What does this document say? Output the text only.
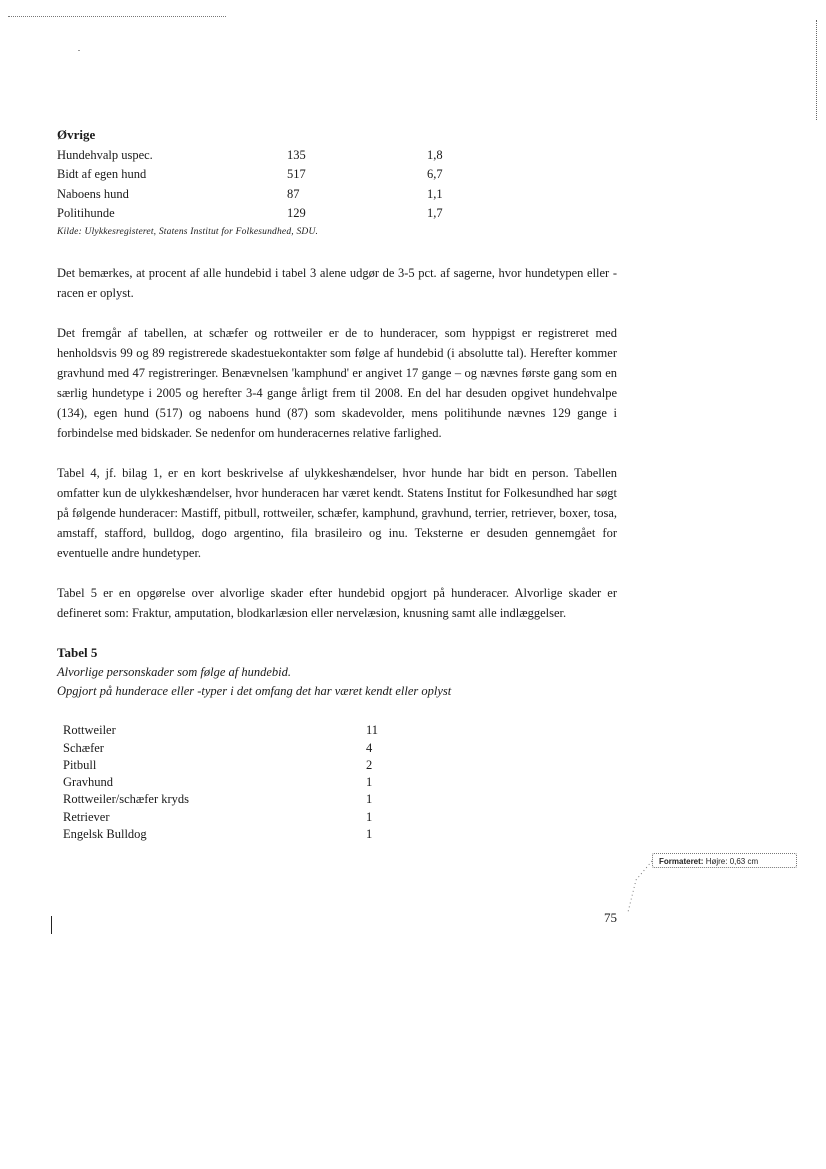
Øvrige
Hundehvalp uspec.	135	1,8
Bidt af egen hund	517	6,7
Naboens hund	87	1,1
Politihunde	129	1,7
Kilde: Ulykkesregisteret, Statens Institut for Folkesundhed, SDU.

Det bemærkes, at procent af alle hundebid i tabel 3 alene udgør de 3-5 pct. af sagerne, hvor hundetypen eller -racen er oplyst.

Det fremgår af tabellen, at schæfer og rottweiler er de to hunderacer, som hyppigst er registreret med henholdsvis 99 og 89 registrerede skadestuekontakter som følge af hundebid (i absolutte tal). Herefter kommer gravhund med 47 registreringer. Benævnelsen 'kamphund' er angivet 17 gange – og nævnes første gang som en særlig hundetype i 2005 og herefter 3-4 gange årligt frem til 2008. En del har desuden opgivet hundehvalpe (134), egen hund (517) og naboens hund (87) som skadevolder, mens politihunde nævnes 129 gange i forbindelse med bidskader. Se nedenfor om hunderacernes relative farlighed.

Tabel 4, jf. bilag 1, er en kort beskrivelse af ulykkeshændelser, hvor hunde har bidt en person. Tabellen omfatter kun de ulykkeshændelser, hvor hunderacen har været kendt. Statens Institut for Folkesundhed har søgt på følgende hunderacer: Mastiff, pitbull, rottweiler, schæfer, kamphund, gravhund, terrier, retriever, boxer, tosa, amstaff, stafford, bulldog, dogo argentino, fila brasileiro og inu. Teksterne er desuden gennemgået for eventuelle andre hundetyper.

Tabel 5 er en opgørelse over alvorlige skader efter hundebid opgjort på hunderacer. Alvorlige skader er defineret som: Fraktur, amputation, blodkarlæsion eller nervelæsion, knusning samt alle indlæggelser.

Tabel 5
Alvorlige personskader som følge af hundebid.
Opgjort på hunderace eller -typer i det omfang det har været kendt eller oplyst
Rottweiler	11
Schæfer	4
Pitbull	2
Gravhund	1
Rottweiler/schæfer kryds	1
Retriever	1
Engelsk Bulldog	1
75
Formateret: Højre: 0,63 cm
